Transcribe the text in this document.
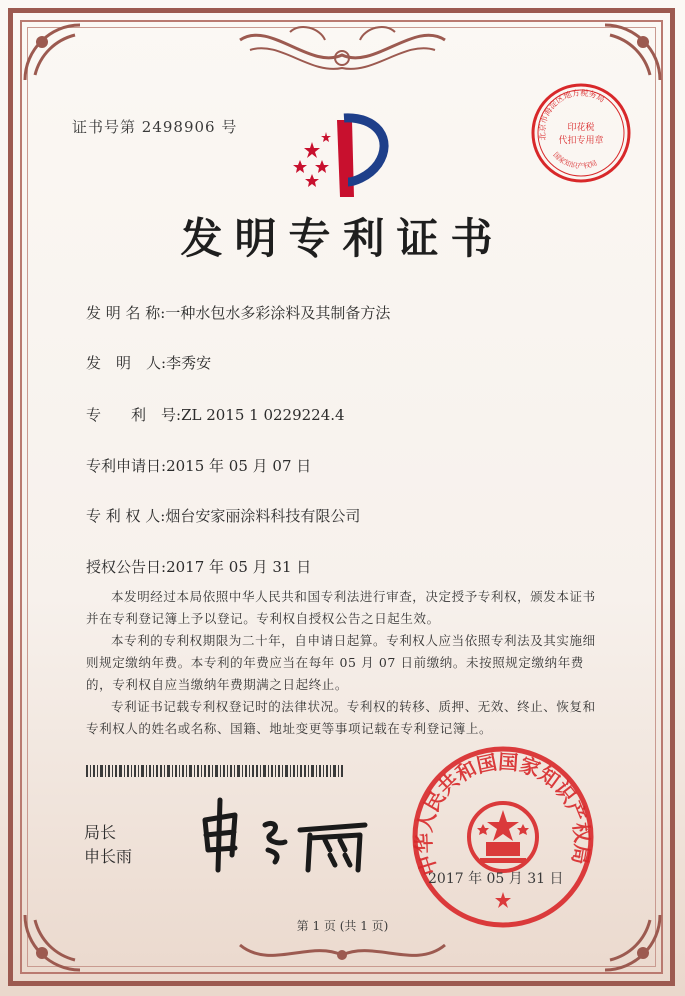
证书号第 2498906 号
北京市海淀区地方税务局
印花税
代扣专用章
国家知识产权局
发明专利证书
发 明 名 称:一种水包水多彩涂料及其制备方法
发　明　人:李秀安
专　　利　号:ZL 2015 1 0229224.4
专利申请日:2015 年 05 月 07 日
专 利 权 人:烟台安家丽涂料科技有限公司
授权公告日:2017 年 05 月 31 日

本发明经过本局依照中华人民共和国专利法进行审查，决定授予专利权，颁发本证书并在专利登记簿上予以登记。专利权自授权公告之日起生效。

本专利的专利权期限为二十年，自申请日起算。专利权人应当依照专利法及其实施细则规定缴纳年费。本专利的年费应当在每年 05 月 07 日前缴纳。未按照规定缴纳年费的，专利权自应当缴纳年费期满之日起终止。

专利证书记载专利权登记时的法律状况。专利权的转移、质押、无效、终止、恢复和专利权人的姓名或名称、国籍、地址变更等事项记载在专利登记簿上。

局长
申长雨	中华人民共和国国家知识产权局
2017 年 05 月 31 日
第 1 页 (共 1 页)
